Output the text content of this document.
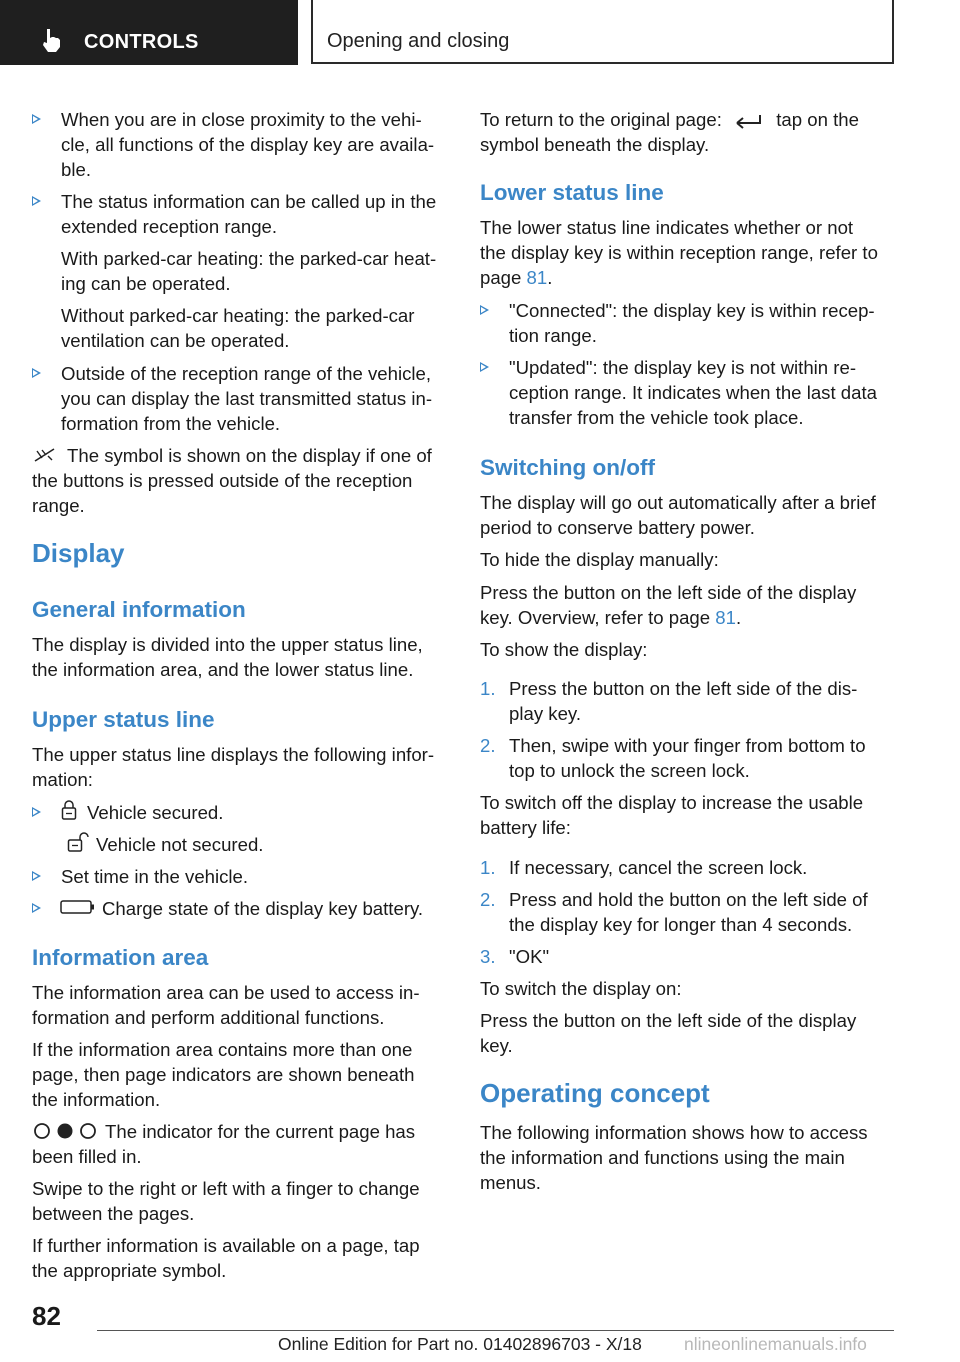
CONTROLS	Opening and closing

When you are in close proximity to the vehi-

cle, all functions of the display key are availa-

ble.

The status information can be called up in the

extended reception range.

With parked-car heating: the parked-car heat-

ing can be operated.

Without parked-car heating: the parked-car

ventilation can be operated.

Outside of the reception range of the vehicle,

you can display the last transmitted status in-

formation from the vehicle.

The symbol is shown on the display if one of

the buttons is pressed outside of the reception

range.

Display
General information

The display is divided into the upper status line,

the information area, and the lower status line.

Upper status line

The upper status line displays the following infor-

mation:

Vehicle secured.

Vehicle not secured.

Set time in the vehicle.

Charge state of the display key battery.

Information area

The information area can be used to access in-

formation and perform additional functions.

If the information area contains more than one

page, then page indicators are shown beneath

the information.

The indicator for the current page has

been filled in.

Swipe to the right or left with a finger to change

between the pages.

If further information is available on a page, tap

the appropriate symbol.

To return to the original page:	tap on the

symbol beneath the display.

Lower status line

The lower status line indicates whether or not

the display key is within reception range, refer to

page 81.

"Connected": the display key is within recep-

tion range.

"Updated": the display key is not within re-

ception range. It indicates when the last data

transfer from the vehicle took place.

Switching on/off

The display will go out automatically after a brief

period to conserve battery power.

To hide the display manually:

Press the button on the left side of the display

key. Overview, refer to page 81.

To show the display:

1. Press the button on the left side of the dis-

play key.

2. Then, swipe with your finger from bottom to

top to unlock the screen lock.

To switch off the display to increase the usable

battery life:

1. If necessary, cancel the screen lock.

2. Press and hold the button on the left side of

the display key for longer than 4 seconds.

3. "OK"

To switch the display on:

Press the button on the left side of the display

key.

Operating concept

The following information shows how to access

the information and functions using the main

menus.

82
Online Edition for Part no. 01402896703 - X/18 nlineonlinemanuals.info
